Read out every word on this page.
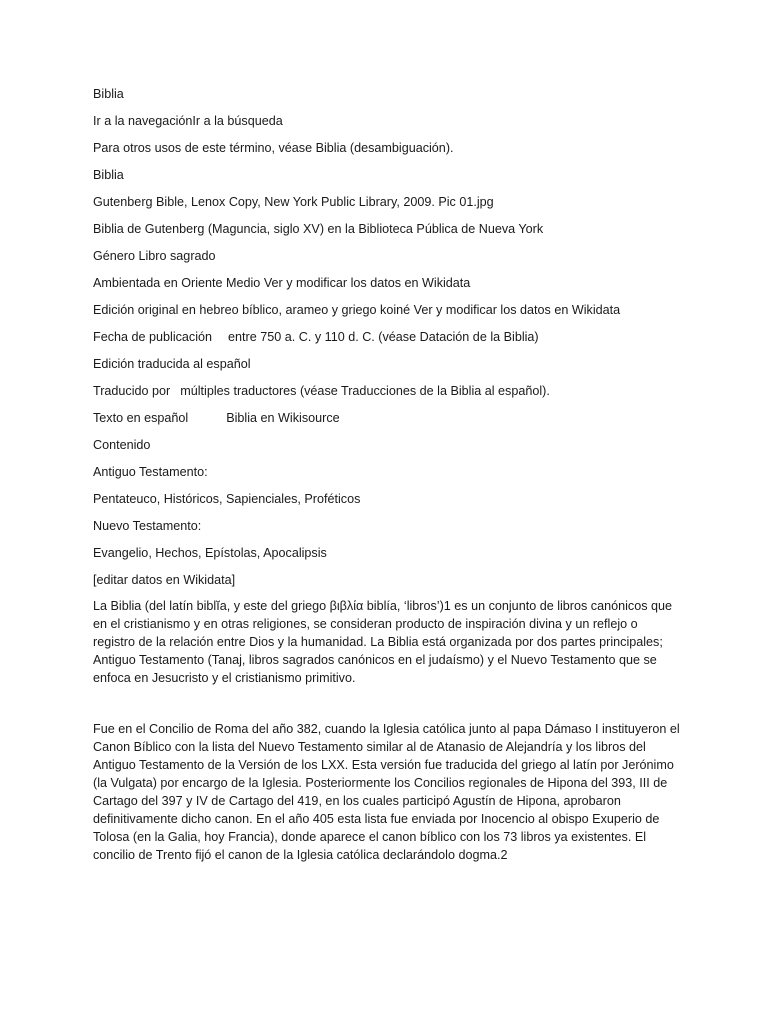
Biblia
Ir a la navegaciónIr a la búsqueda
Para otros usos de este término, véase Biblia (desambiguación).
Biblia
Gutenberg Bible, Lenox Copy, New York Public Library, 2009. Pic 01.jpg
Biblia de Gutenberg (Maguncia, siglo XV) en la Biblioteca Pública de Nueva York
Género Libro sagrado
Ambientada en Oriente Medio Ver y modificar los datos en Wikidata
Edición original en hebreo bíblico, arameo y griego koiné Ver y modificar los datos en Wikidata
Fecha de publicación entre 750 a. C. y 110 d. C. (véase Datación de la Biblia)
Edición traducida al español
Traducido por múltiples traductores (véase Traducciones de la Biblia al español).
Texto en español	Biblia en Wikisource
Contenido
Antiguo Testamento:
Pentateuco, Históricos, Sapienciales, Proféticos
Nuevo Testamento:
Evangelio, Hechos, Epístolas, Apocalipsis
[editar datos en Wikidata]

La Biblia (del latín biblĭa, y este del griego βιβλία biblía, ‘libros’)1 es un conjunto de libros canónicos que en el cristianismo y en otras religiones, se consideran producto de inspiración divina y un reflejo o registro de la relación entre Dios y la humanidad. La Biblia está organizada por dos partes principales; Antiguo Testamento (Tanaj, libros sagrados canónicos en el judaísmo) y el Nuevo Testamento que se enfoca en Jesucristo y el cristianismo primitivo.

Fue en el Concilio de Roma del año 382, cuando la Iglesia católica junto al papa Dámaso I instituyeron el Canon Bíblico con la lista del Nuevo Testamento similar al de Atanasio de Alejandría y los libros del Antiguo Testamento de la Versión de los LXX. Esta versión fue traducida del griego al latín por Jerónimo (la Vulgata) por encargo de la Iglesia. Posteriormente los Concilios regionales de Hipona del 393, III de Cartago del 397 y IV de Cartago del 419, en los cuales participó Agustín de Hipona, aprobaron definitivamente dicho canon. En el año 405 esta lista fue enviada por Inocencio al obispo Exuperio de Tolosa (en la Galia, hoy Francia), donde aparece el canon bíblico con los 73 libros ya existentes. El concilio de Trento fijó el canon de la Iglesia católica declarándolo dogma.2
